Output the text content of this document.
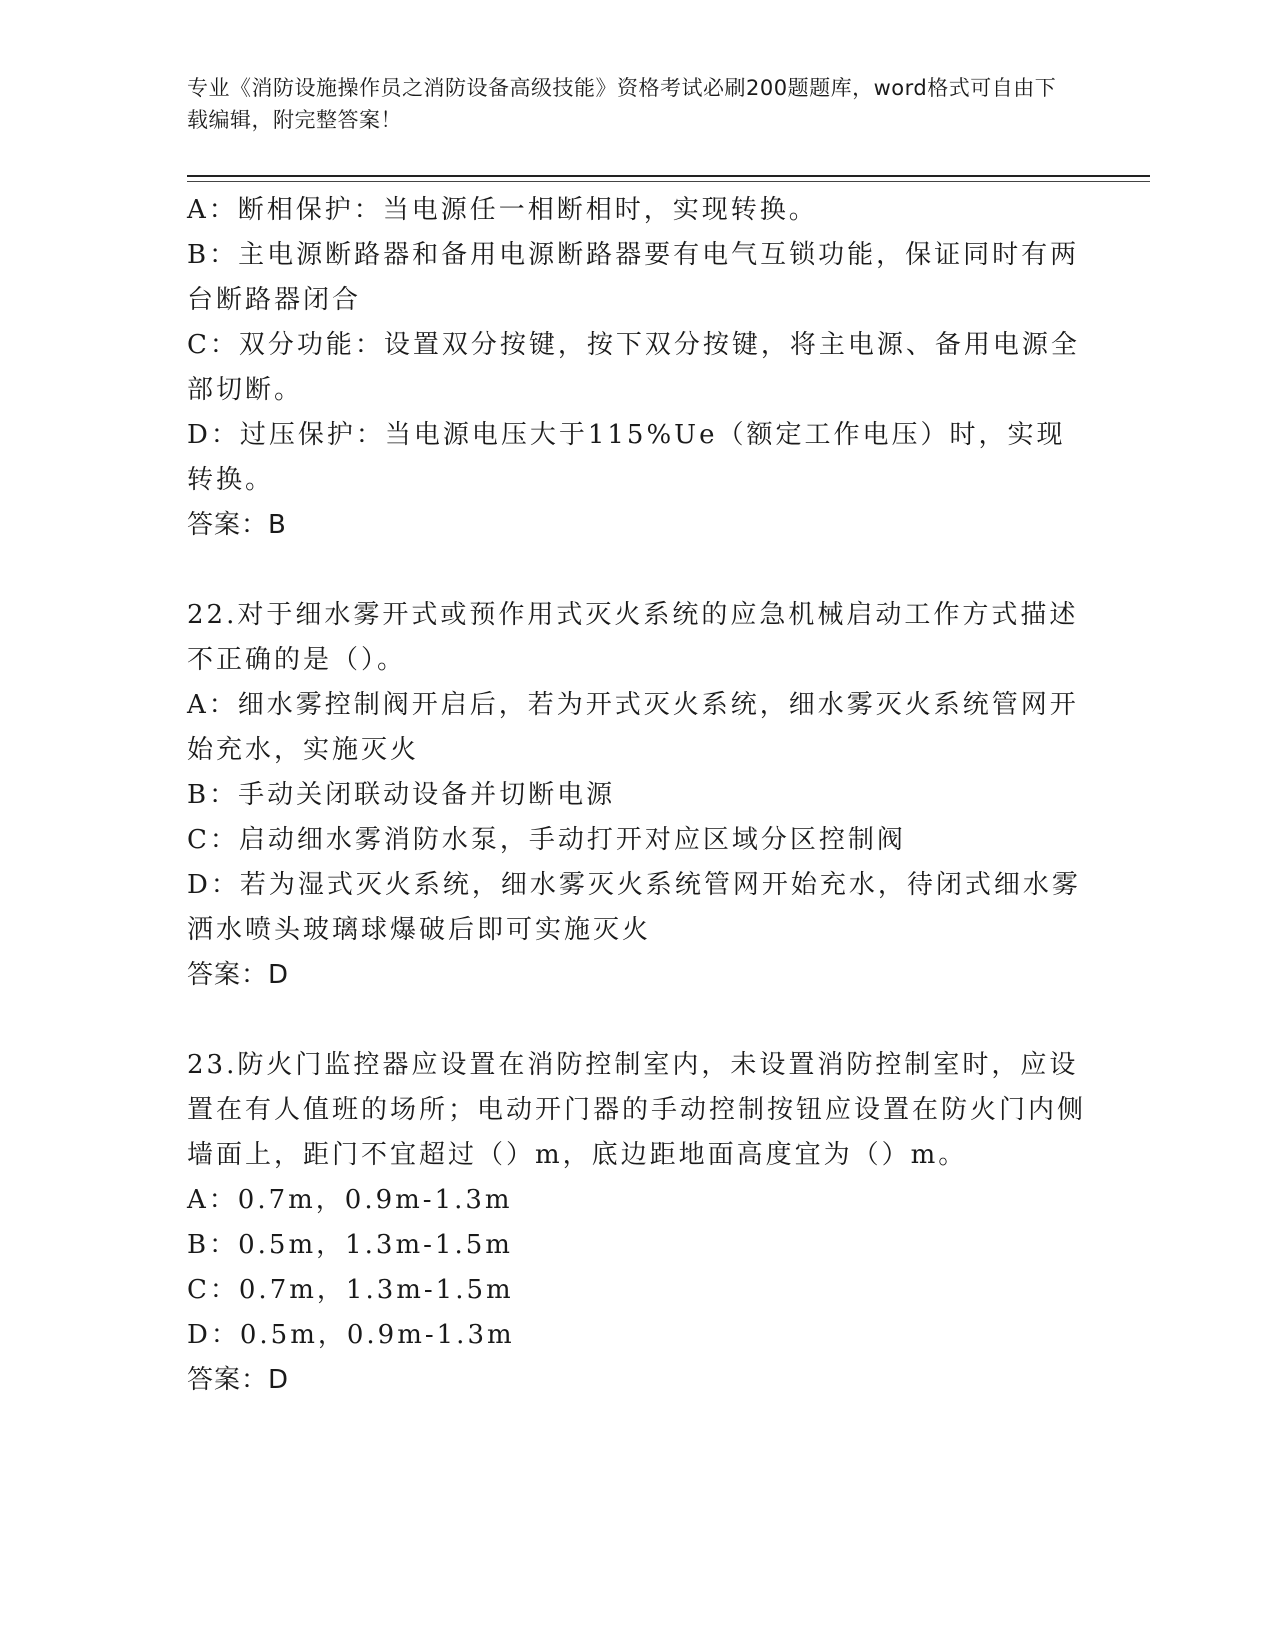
专业《消防设施操作员之消防设备高级技能》资格考试必刷200题题库，word格式可自由下载编辑，附完整答案！

A：断相保护：当电源任一相断相时，实现转换。

B：主电源断路器和备用电源断路器要有电气互锁功能，保证同时有两台断路器闭合

C：双分功能：设置双分按键，按下双分按键，将主电源、备用电源全部切断。

D：过压保护：当电源电压大于115%Ue（额定工作电压）时，实现转换。

答案：B

22.对于细水雾开式或预作用式灭火系统的应急机械启动工作方式描述不正确的是（）。

A：细水雾控制阀开启后，若为开式灭火系统，细水雾灭火系统管网开始充水，实施灭火

B：手动关闭联动设备并切断电源

C：启动细水雾消防水泵，手动打开对应区域分区控制阀

D：若为湿式灭火系统，细水雾灭火系统管网开始充水，待闭式细水雾洒水喷头玻璃球爆破后即可实施灭火

答案：D

23.防火门监控器应设置在消防控制室内，未设置消防控制室时，应设置在有人值班的场所；电动开门器的手动控制按钮应设置在防火门内侧墙面上，距门不宜超过（）m，底边距地面高度宜为（）m。

A：0.7m，0.9m-1.3m

B：0.5m，1.3m-1.5m

C：0.7m，1.3m-1.5m

D：0.5m，0.9m-1.3m

答案：D
